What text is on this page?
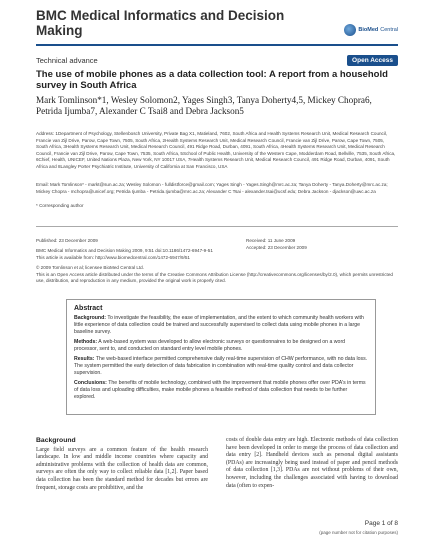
BMC Medical Informatics and Decision Making	BioMed Central
Technical advance	Open Access
The use of mobile phones as a data collection tool: A report from a household survey in South Africa
Mark Tomlinson*1, Wesley Solomon2, Yages Singh3, Tanya Doherty4,5, Mickey Chopra6, Petrida Ijumba7, Alexander C Tsai8 and Debra Jackson5
Address: 1Department of Psychology, Stellenbosch University, Private Bag X1, Matieland, 7602, South Africa and Health Systems Research Unit, Medical Research Council, Francie van Zijl Drive, Parow, Cape Town, 7505, South Africa, 2Health Systems Research Unit, Medical Research Council, Francie van Zijl Drive, Parow, Cape Town, 7505, South Africa, 3Health Systems Research Unit, Medical Research Council, 491 Ridge Road, Durban, 4091, South Africa, 4Health Systems Research Unit, Medical Research Council, Francie van Zijl Drive, Parow, Cape Town, 7535, South Africa, 5School of Public Health, University of the Western Cape, Modderdam Road, Bellville, 7535, South Africa, 6Chief, Health, UNICEF, United Nations Plaza, New York, NY 10017 USA, 7Health Systems Research Unit, Medical Research Council, 491 Ridge Road, Durban, 4091, South Africa and 8Langley Porter Psychiatric Institute, University of California at San Francisco, USA
Email: Mark Tomlinson* - markt@sun.ac.za; Wesley Solomon - fulldistforce@gmail.com; Yages Singh - Yages.Singh@mrc.ac.za; Tanya Doherty - Tanya.Doherty@mrc.ac.za; Mickey Chopra - mchopra@unicef.org; Petrida Ijumba - Petrida.Ijumba@mrc.ac.za; Alexander C Tsai - alexander.tsai@ucsf.edu; Debra Jackson - djackson@uwc.ac.za
* Corresponding author
Published: 23 December 2009
BMC Medical Informatics and Decision Making 2009, 9:51 doi:10.1186/1472-6947-9-51
This article is available from: http://www.biomedcentral.com/1472-6947/9/51
Received: 11 June 2009
Accepted: 23 December 2009
© 2009 Tomlinson et al; licensee BioMed Central Ltd.
This is an Open Access article distributed under the terms of the Creative Commons Attribution License (http://creativecommons.org/licenses/by/2.0), which permits unrestricted use, distribution, and reproduction in any medium, provided the original work is properly cited.
Abstract

Background: To investigate the feasibility, the ease of implementation, and the extent to which community health workers with little experience of data collection could be trained and successfully supervised to collect data using mobile phones in a large baseline survey.

Methods: A web-based system was developed to allow electronic surveys or questionnaires to be designed on a word processor, sent to, and conducted on standard entry level mobile phones.

Results: The web-based interface permitted comprehensive daily real-time supervision of CHW performance, with no data loss. The system permitted the early detection of data fabrication in combination with real-time quality control and data collector supervision.

Conclusions: The benefits of mobile technology, combined with the improvement that mobile phones offer over PDA's in terms of data loss and uploading difficulties, make mobile phones a feasible method of data collection that needs to be further explored.

Background

Large field surveys are a common feature of the health research landscape. In low and middle income countries where capacity and administrative problems with the collection of health data are common, surveys are often the only way to collect reliable data [1,2]. Paper based data collection has been the standard method for decades but errors are frequent, storage costs are prohibitive, and the

costs of double data entry are high. Electronic methods of data collection have been developed in order to merge the process of data collection and data entry [2]. Handheld devices such as personal digital assistants (PDAs) are increasingly being used instead of paper and pencil methods of data collection [1,3]. PDAs are not without problems of their own, however, including the challenges associated with having to download data (often to expen-

Page 1 of 8
(page number not for citation purposes)
